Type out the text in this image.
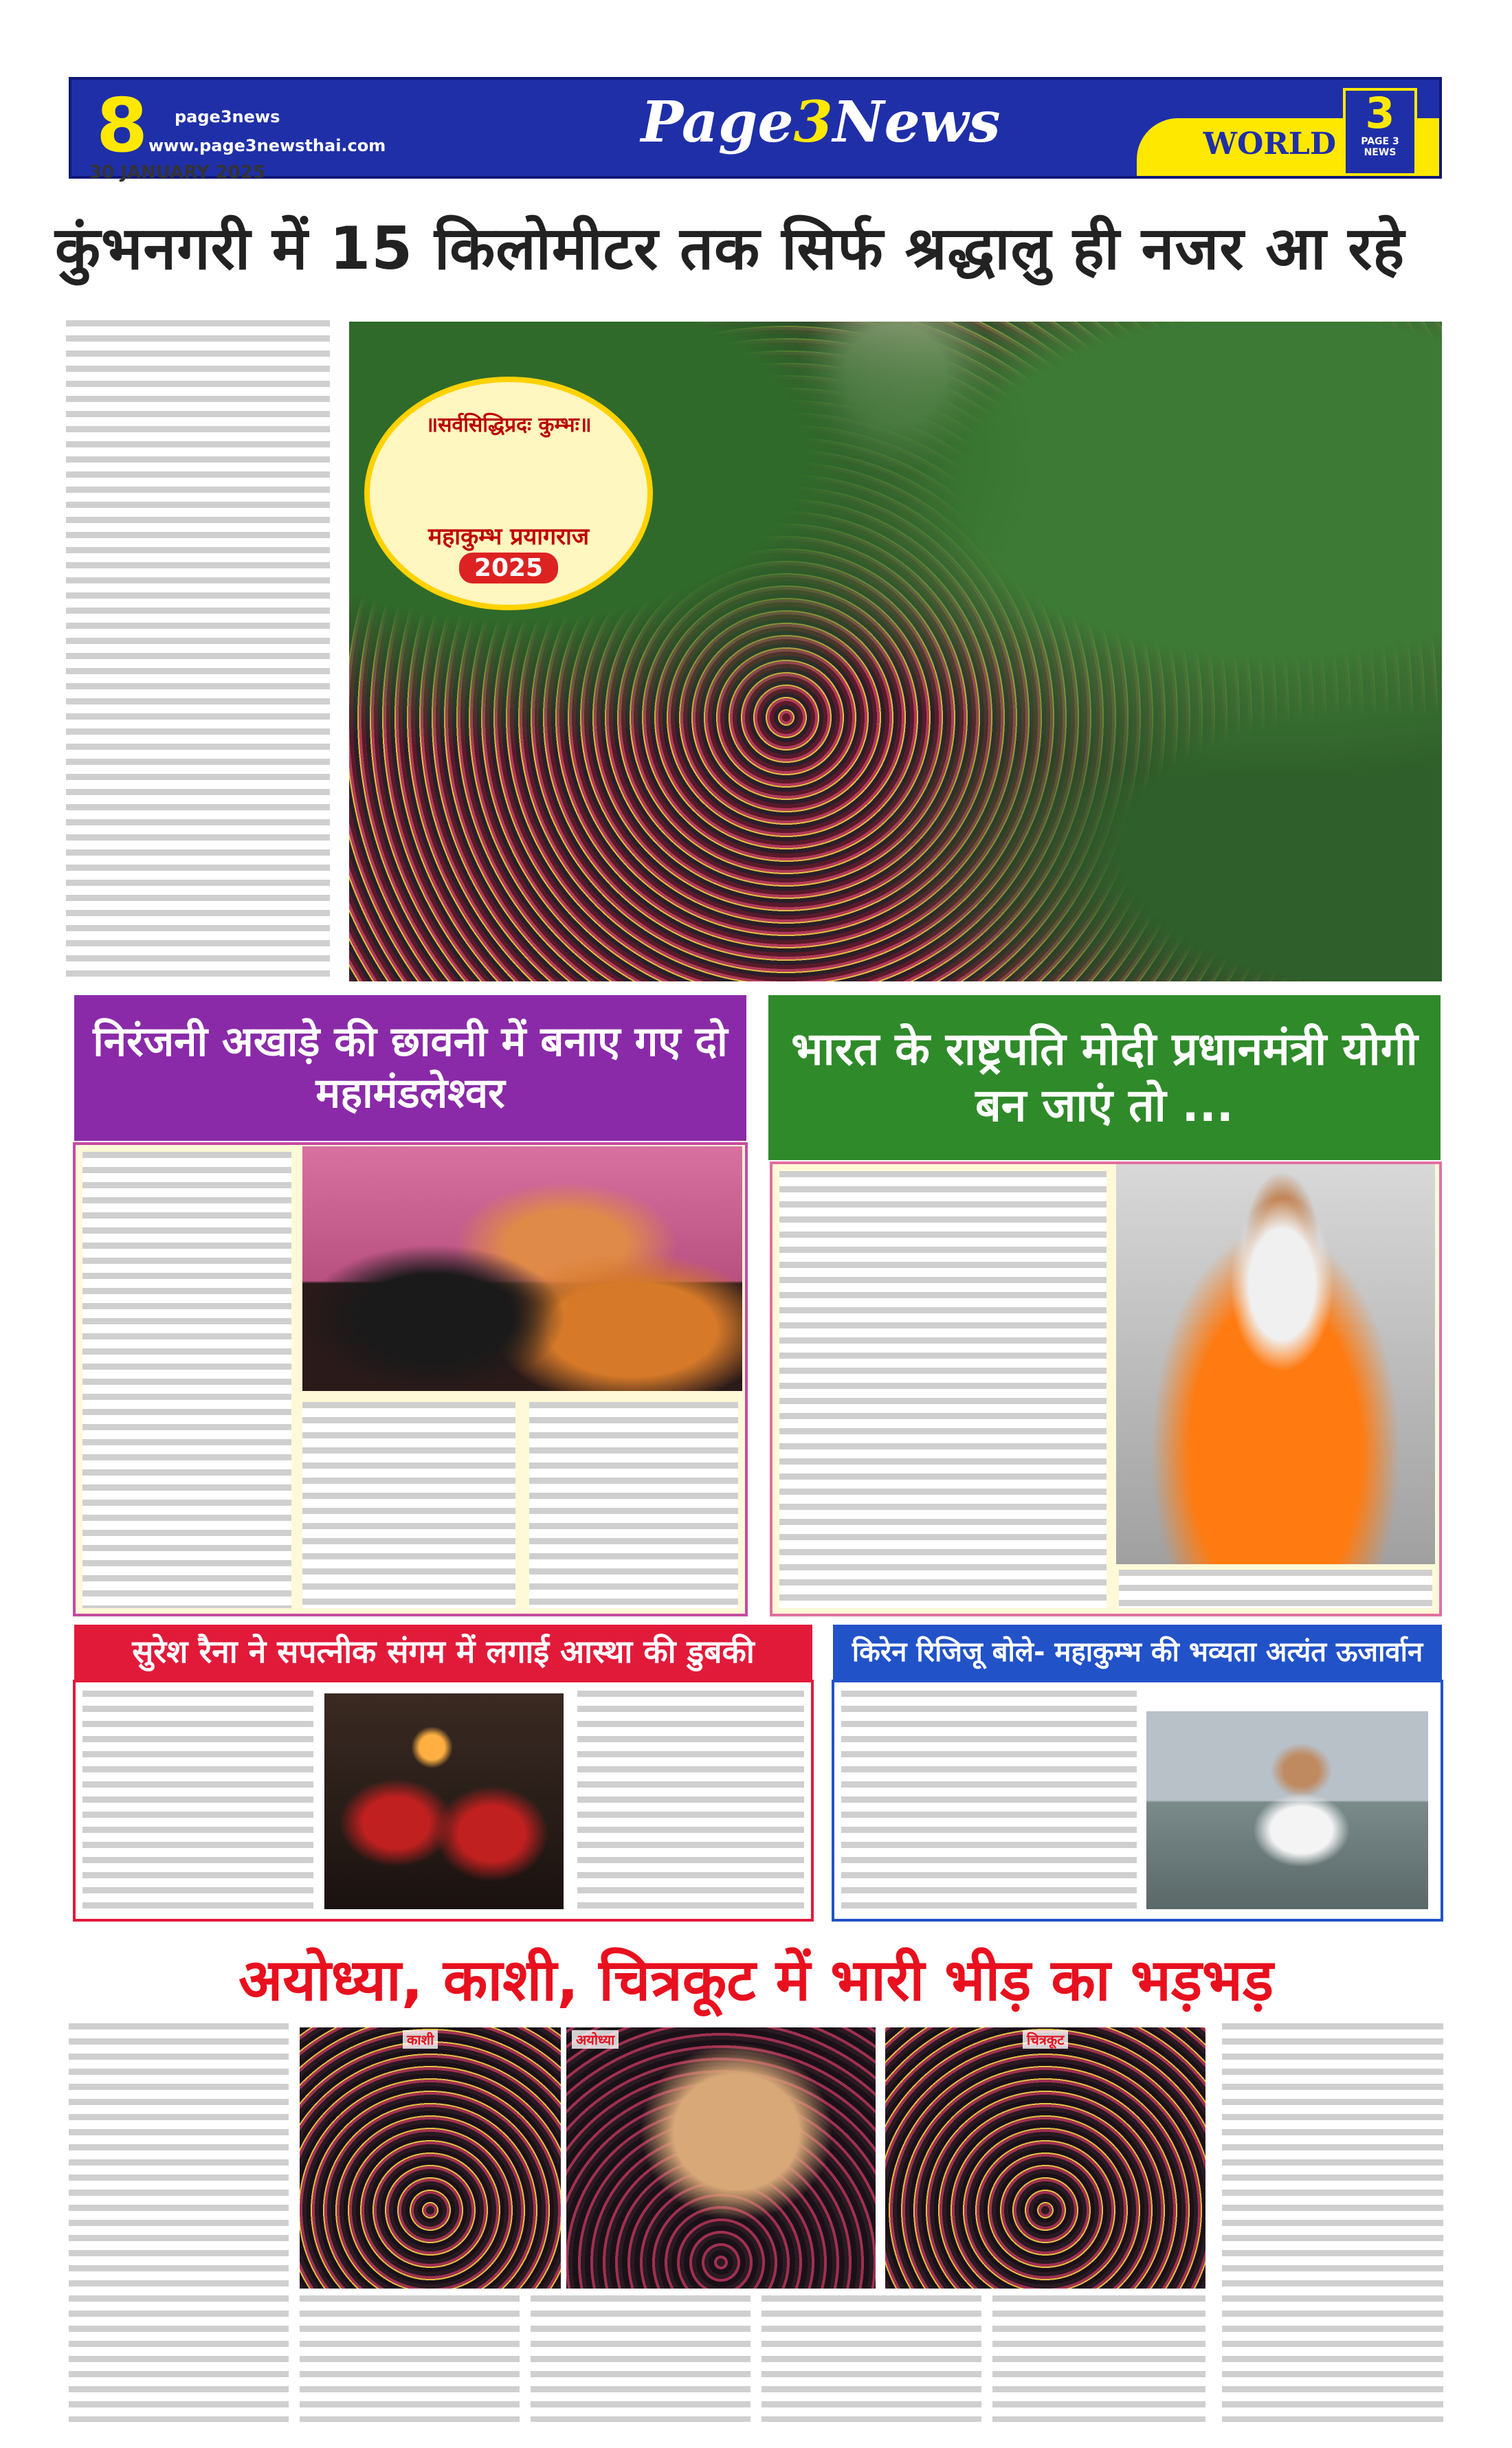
8 page3news
www.page3newsthai.com	Page3News	WORLD
3
PAGE 3 NEWS
30 JANUARY 2025
कुंभनगरी में 15 किलोमीटर तक सिर्फ श्रद्धालु ही नजर आ रहे
॥सर्वसिद्धिप्रदः कुम्भः॥
महाकुम्भ प्रयागराज
2025
निरंजनी अखाड़े की छावनी में बनाए गए दो महामंडलेश्वर
भारत के राष्ट्रपति मोदी प्रधानमंत्री योगी बन जाएं तो ...
सुरेश रैना ने सपत्नीक संगम में लगाई आस्था की डुबकी	किरेन रिजिजू बोले- महाकुम्भ की भव्यता अत्यंत ऊजार्वान
अयोध्या, काशी, चित्रकूट में भारी भीड़ का भड़भड़
काशी	अयोध्या	चित्रकूट
